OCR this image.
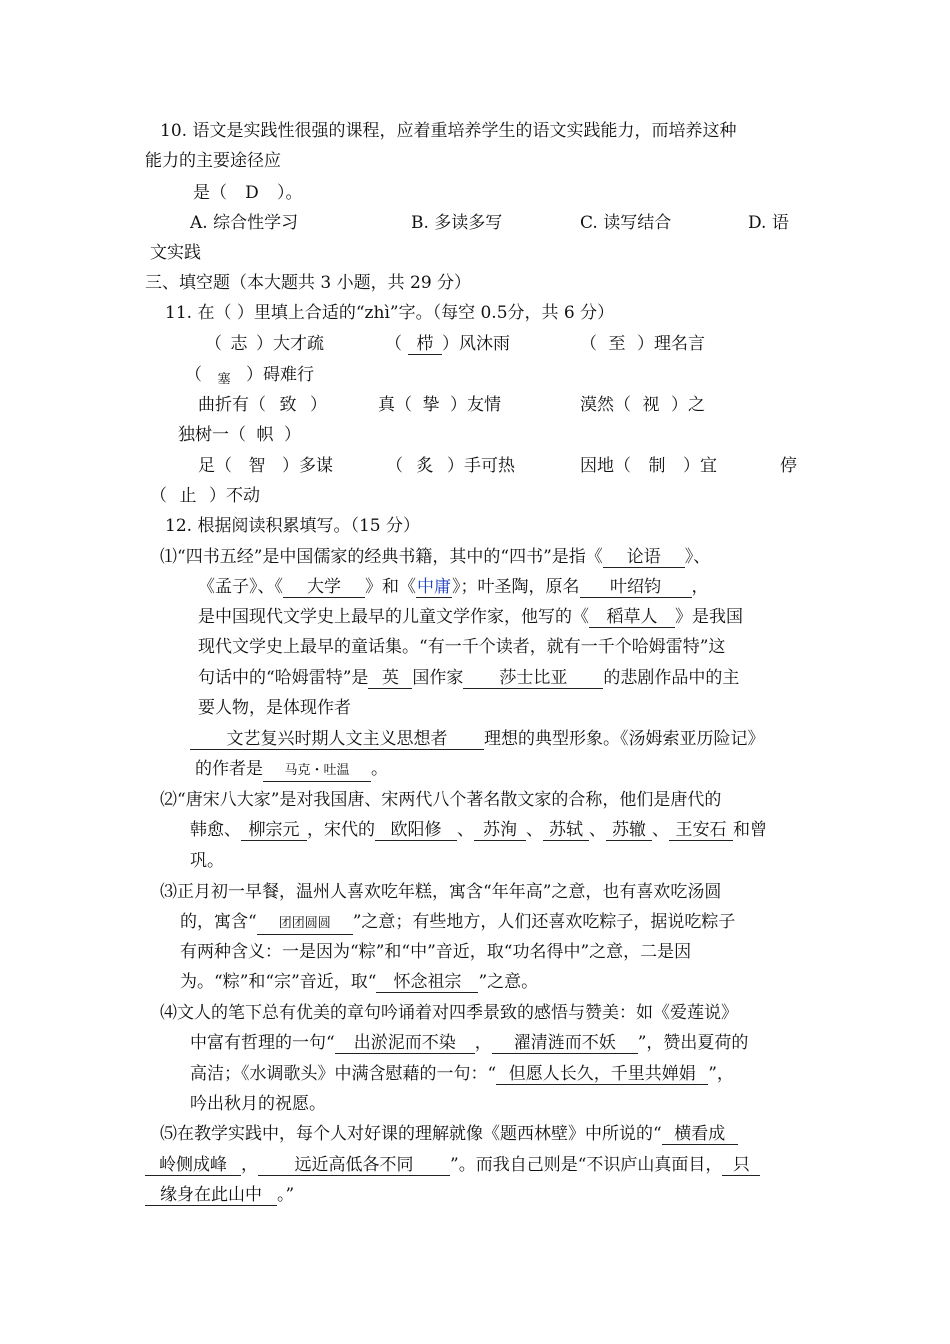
10. 语文是实践性很强的课程，应着重培养学生的语文实践能力，而培养这种
能力的主要途径应
是（ D ）。
A. 综合性学习	B. 多读多写	C. 读写结合	D. 语
文实践
三、填空题（本大题共 3 小题，共 29 分）
11. 在（ ）里填上合适的“zhì”字。（每空 0.5分，共 6 分）
（ 志 ）大才疏	（ 栉 ）风沐雨	（ 至 ）理名言
（ 塞 ）碍难行
曲折有（ 致 ）	真（ 挚 ）友情	漠然（ 视 ）之
独树一（ 帜 ）
足（ 智 ）多谋	（ 炙 ）手可热	因地（ 制 ）宜	停
（ 止 ）不动
12. 根据阅读积累填写。（15 分）
⑴“四书五经”是中国儒家的经典书籍，其中的“四书”是指《 论语 》、
《孟子》、《 大学 》和《中庸》；叶圣陶，原名 叶绍钧 ，
是中国现代文学史上最早的儿童文学作家，他写的《 稻草人 》是我国
现代文学史上最早的童话集。“有一千个读者，就有一千个哈姆雷特”这
句话中的“哈姆雷特”是 英 国作家 莎士比亚 的悲剧作品中的主
要人物，是体现作者
文艺复兴时期人文主义思想者 理想的典型形象。《汤姆索亚历险记》
的作者是 马克・吐温 。
⑵“唐宋八大家”是对我国唐、宋两代八个著名散文家的合称，他们是唐代的
韩愈、 柳宗元 ，宋代的 欧阳修 、 苏洵 、 苏轼 、 苏辙 、 王安石 和曾
巩。
⑶正月初一早餐，温州人喜欢吃年糕，寓含“年年高”之意，也有喜欢吃汤圆
的，寓含“ 团团圆圆 ”之意；有些地方，人们还喜欢吃粽子，据说吃粽子
有两种含义：一是因为“粽”和“中”音近，取“功名得中”之意，二是因
为。“粽”和“宗”音近，取“ 怀念祖宗 ”之意。
⑷文人的笔下总有优美的章句吟诵着对四季景致的感悟与赞美：如《爱莲说》
中富有哲理的一句“ 出淤泥而不染 ， 濯清涟而不妖 ”，赞出夏荷的
高洁；《水调歌头》中满含慰藉的一句：“ 但愿人长久，千里共婵娟 ”，
吟出秋月的祝愿。
⑸在教学实践中，每个人对好课的理解就像《题西林壁》中所说的“ 横看成
岭侧成峰 ， 远近高低各不同 ”。而我自己则是“不识庐山真面目， 只
缘身在此山中 。”
